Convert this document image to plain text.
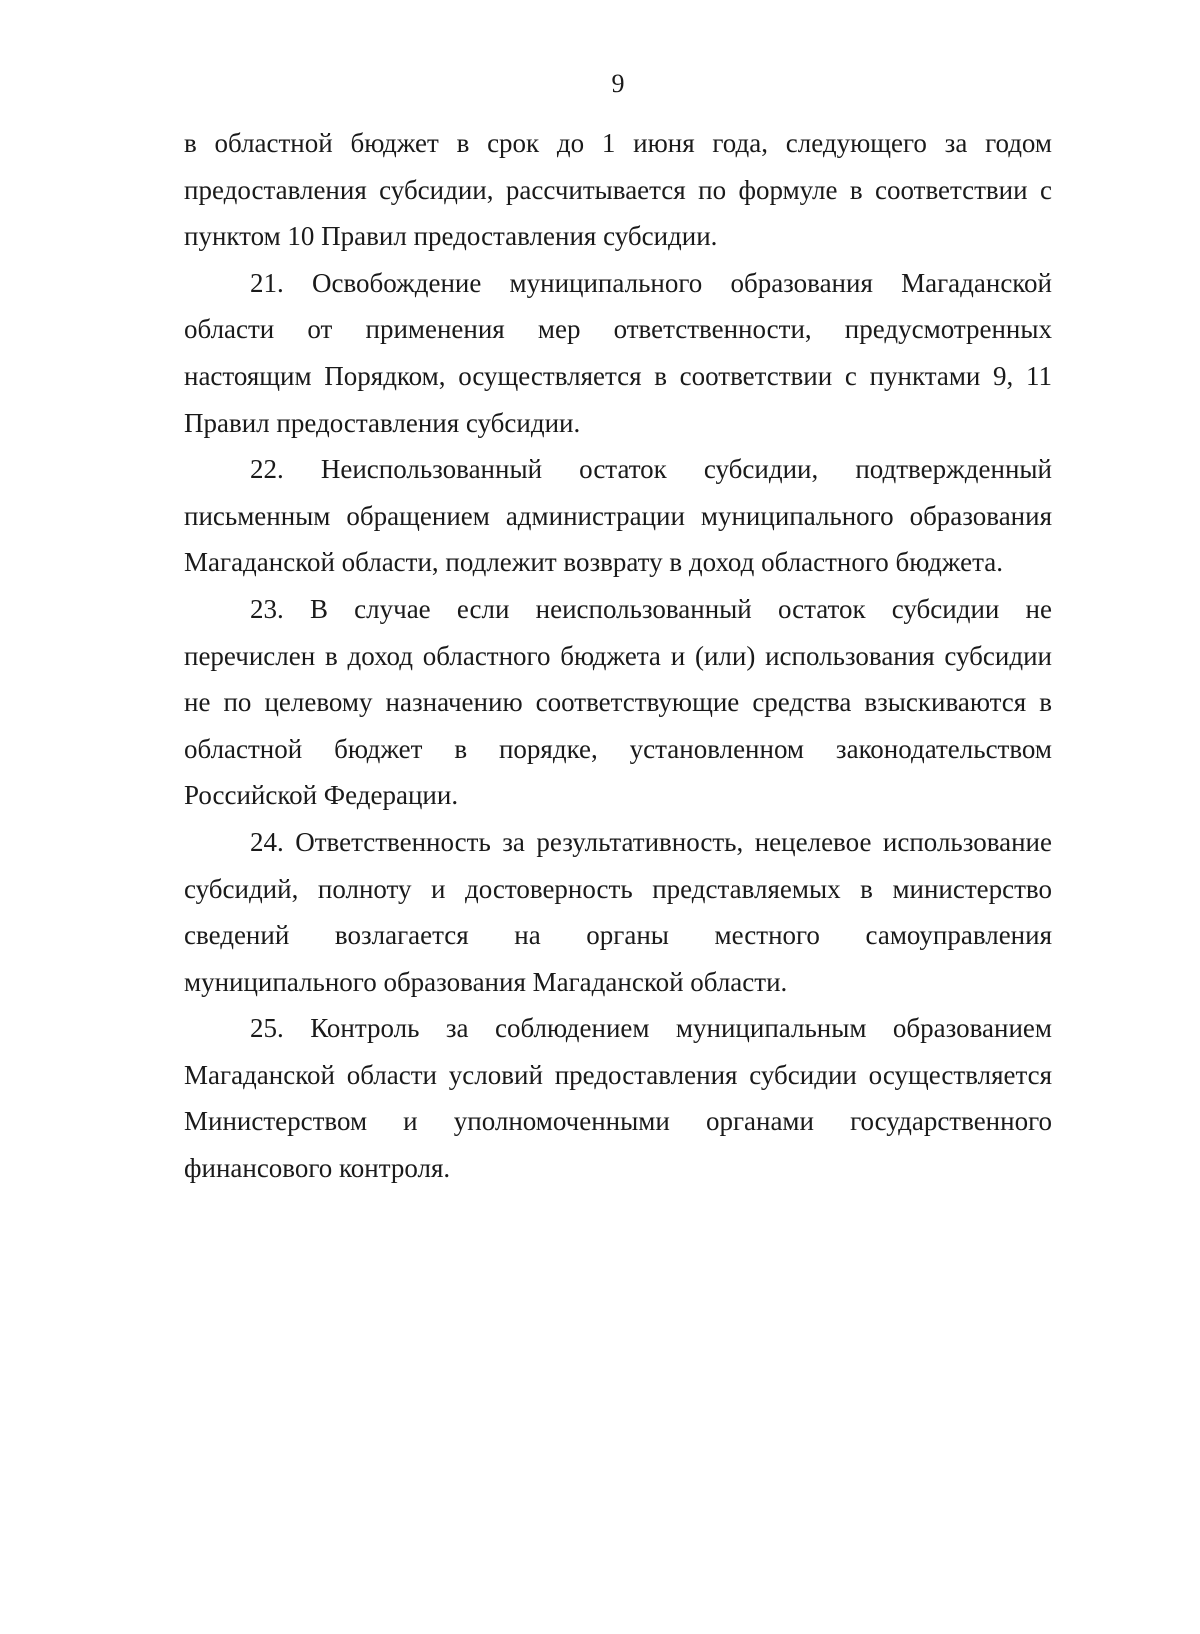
9

в областной бюджет в срок до 1 июня года, следующего за годом предоставления субсидии, рассчитывается по формуле в соответствии с пунктом 10 Правил предоставления субсидии.

21. Освобождение муниципального образования Магаданской области от применения мер ответственности, предусмотренных настоящим Порядком, осуществляется в соответствии с пунктами 9, 11 Правил предоставления субсидии.

22. Неиспользованный остаток субсидии, подтвержденный письменным обращением администрации муниципального образования Магаданской области, подлежит возврату в доход областного бюджета.

23. В случае если неиспользованный остаток субсидии не перечислен в доход областного бюджета и (или) использования субсидии не по целевому назначению соответствующие средства взыскиваются в областной бюджет в порядке, установленном законодательством Российской Федерации.

24. Ответственность за результативность, нецелевое использование субсидий, полноту и достоверность представляемых в министерство сведений возлагается на органы местного самоуправления муниципального образования Магаданской области.

25. Контроль за соблюдением муниципальным образованием Магаданской области условий предоставления субсидии осуществляется Министерством и уполномоченными органами государственного финансового контроля.
